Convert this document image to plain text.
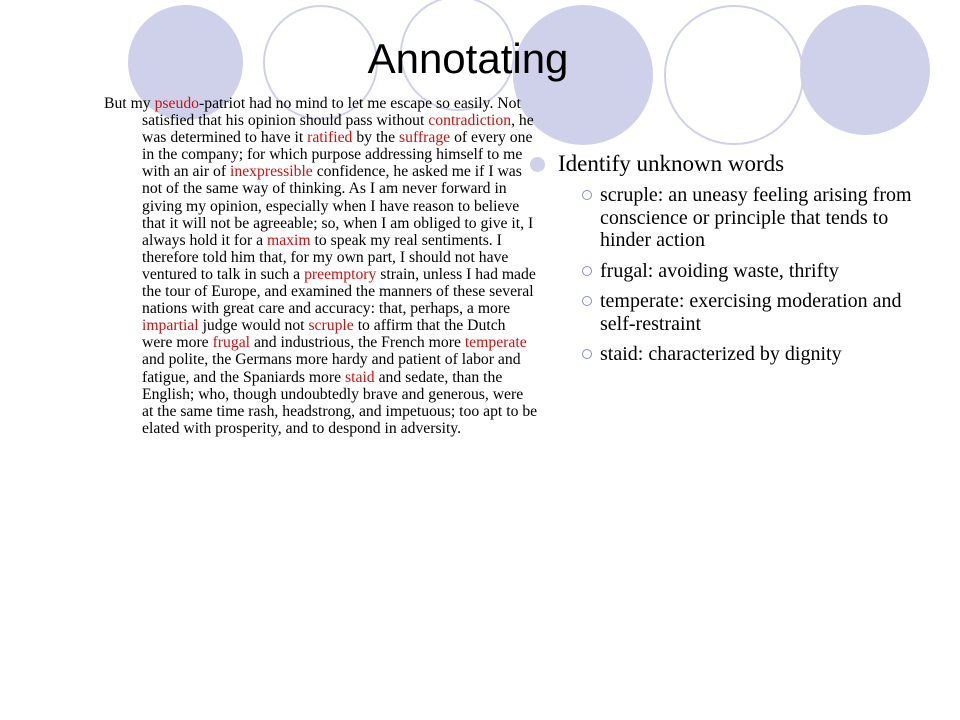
Annotating
But my pseudo-patriot had no mind to let me escape so easily. Not satisfied that his opinion should pass without contradiction, he was determined to have it ratified by the suffrage of every one in the company; for which purpose addressing himself to me with an air of inexpressible confidence, he asked me if I was not of the same way of thinking. As I am never forward in giving my opinion, especially when I have reason to believe that it will not be agreeable; so, when I am obliged to give it, I always hold it for a maxim to speak my real sentiments. I therefore told him that, for my own part, I should not have ventured to talk in such a preemptory strain, unless I had made the tour of Europe, and examined the manners of these several nations with great care and accuracy: that, perhaps, a more impartial judge would not scruple to affirm that the Dutch were more frugal and industrious, the French more temperate and polite, the Germans more hardy and patient of labor and fatigue, and the Spaniards more staid and sedate, than the English; who, though undoubtedly brave and generous, were at the same time rash, headstrong, and impetuous; too apt to be elated with prosperity, and to despond in adversity.
Identify unknown words
scruple: an uneasy feeling arising from conscience or principle that tends to hinder action
frugal: avoiding waste, thrifty
temperate: exercising moderation and self-restraint
staid: characterized by dignity
